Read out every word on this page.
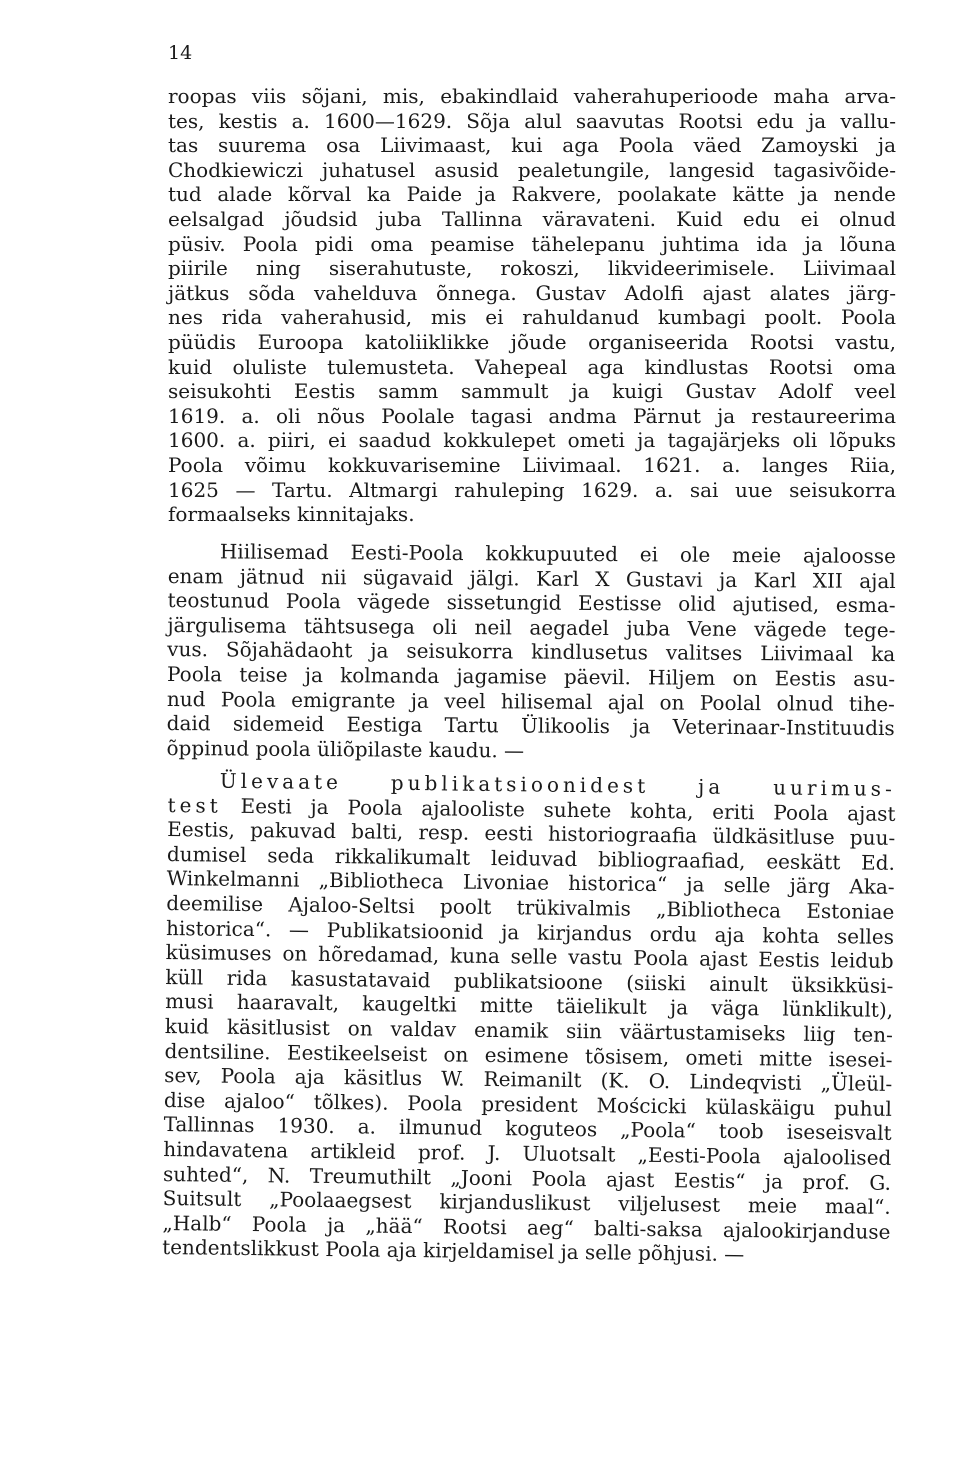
14
roopas viis sõjani, mis, ebakindlaid vaherahuperioode maha arva-
tes, kestis a. 1600—1629. Sõja alul saavutas Rootsi edu ja vallu-
tas suurema osa Liivimaast, kui aga Poola väed Zamoyski ja
Chodkiewiczi juhatusel asusid pealetungile, langesid tagasivõide-
tud alade kõrval ka Paide ja Rakvere, poolakate kätte ja nende
eelsalgad jõudsid juba Tallinna väravateni. Kuid edu ei olnud
püsiv. Poola pidi oma peamise tähelepanu juhtima ida ja lõuna
piirile ning siserahutuste, rokoszi, likvideerimisele. Liivimaal
jätkus sõda vahelduva õnnega. Gustav Adolfi ajast alates järg-
nes rida vaherahusid, mis ei rahuldanud kumbagi poolt. Poola
püüdis Euroopa katoliiklikke jõude organiseerida Rootsi vastu,
kuid oluliste tulemusteta. Vahepeal aga kindlustas Rootsi oma
seisukohti Eestis samm sammult ja kuigi Gustav Adolf veel
1619. a. oli nõus Poolale tagasi andma Pärnut ja restaureerima
1600. a. piiri, ei saadud kokkulepet ometi ja tagajärjeks oli lõpuks
Poola võimu kokkuvarisemine Liivimaal. 1621. a. langes Riia,
1625 — Tartu. Altmargi rahuleping 1629. a. sai uue seisukorra
formaalseks kinnitajaks.
Hiilisemad Eesti-Poola kokkupuuted ei ole meie ajaloosse
enam jätnud nii sügavaid jälgi. Karl X Gustavi ja Karl XII ajal
teostunud Poola vägede sissetungid Eestisse olid ajutised, esma-
järgulisema tähtsusega oli neil aegadel juba Vene vägede tege-
vus. Sõjahädaoht ja seisukorra kindlusetus valitses Liivimaal ka
Poola teise ja kolmanda jagamise päevil. Hiljem on Eestis asu-
nud Poola emigrante ja veel hilisemal ajal on Poolal olnud tihe-
daid sidemeid Eestiga Tartu Ülikoolis ja Veterinaar-Instituudis
õppinud poola üliõpilaste kaudu. —
Ülevaate publikatsioonidest ja uurimus-
test Eesti ja Poola ajalooliste suhete kohta, eriti Poola ajast
Eestis, pakuvad balti, resp. eesti historiograafia üldkäsitluse puu-
dumisel seda rikkalikumalt leiduvad bibliograafiad, eeskätt Ed.
Winkelmanni „Bibliotheca Livoniae historica“ ja selle järg Aka-
deemilise Ajaloo-Seltsi poolt trükivalmis „Bibliotheca Estoniae
historica“. — Publikatsioonid ja kirjandus ordu aja kohta selles
küsimuses on hõredamad, kuna selle vastu Poola ajast Eestis leidub
küll rida kasustatavaid publikatsioone (siiski ainult üksikküsi-
musi haaravalt, kaugeltki mitte täielikult ja väga lünklikult),
kuid käsitlusist on valdav enamik siin väärtustamiseks liig ten-
dentsiline. Eestikeelseist on esimene tõsisem, ometi mitte isesei-
sev, Poola aja käsitlus W. Reimanilt (K. O. Lindeqvisti „Üleül-
dise ajaloo“ tõlkes). Poola president Mościcki külaskäigu puhul
Tallinnas 1930. a. ilmunud koguteos „Poola“ toob iseseisvalt
hindavatena artikleid prof. J. Uluotsalt „Eesti-Poola ajaloolised
suhted“, N. Treumuthilt „Jooni Poola ajast Eestis“ ja prof. G.
Suitsult „Poolaaegsest kirjanduslikust viljelusest meie maal“.
„Halb“ Poola ja „hää“ Rootsi aeg“ balti-saksa ajalookirjanduse
tendentslikkust Poola aja kirjeldamisel ja selle põhjusi. —
